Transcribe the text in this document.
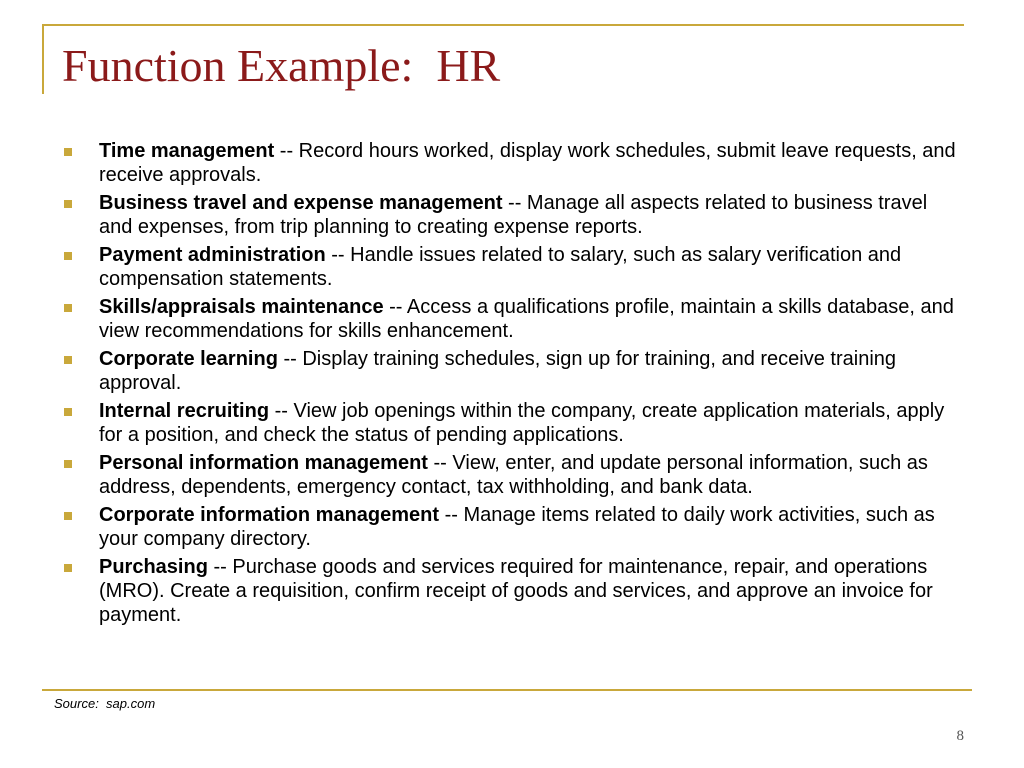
Function Example:  HR
Time management -- Record hours worked, display work schedules, submit leave requests, and receive approvals.
Business travel and expense management -- Manage all aspects related to business travel and expenses, from trip planning to creating expense reports.
Payment administration -- Handle issues related to salary, such as salary verification and compensation statements.
Skills/appraisals maintenance -- Access a qualifications profile, maintain a skills database, and view recommendations for skills enhancement.
Corporate learning -- Display training schedules, sign up for training, and receive training approval.
Internal recruiting -- View job openings within the company, create application materials, apply for a position, and check the status of pending applications.
Personal information management -- View, enter, and update personal information, such as address, dependents, emergency contact, tax withholding, and bank data.
Corporate information management -- Manage items related to daily work activities, such as your company directory.
Purchasing -- Purchase goods and services required for maintenance, repair, and operations (MRO). Create a requisition, confirm receipt of goods and services, and approve an invoice for payment.
Source:  sap.com
8
